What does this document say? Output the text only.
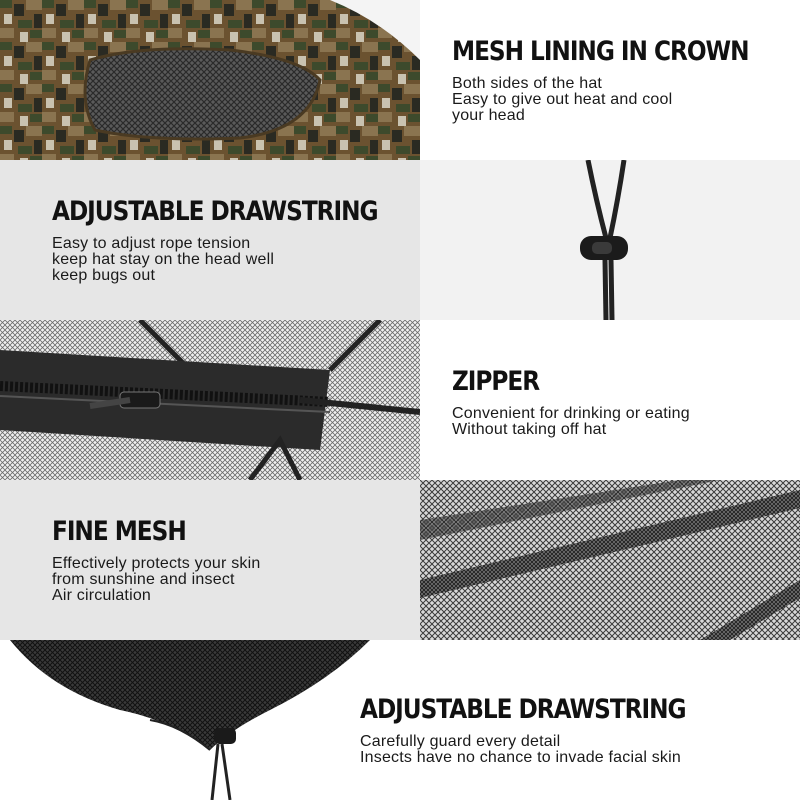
MESH LINING IN CROWN
Both sides of the hat
Easy to give out heat and cool
your head
ADJUSTABLE DRAWSTRING
Easy to adjust rope tension
keep hat stay on the head well
keep bugs out
ZIPPER
Convenient for drinking or eating
Without taking off hat
FINE MESH
Effectively protects your skin
from sunshine and insect
Air circulation
ADJUSTABLE DRAWSTRING
Carefully guard every detail
Insects have no chance to invade facial skin
